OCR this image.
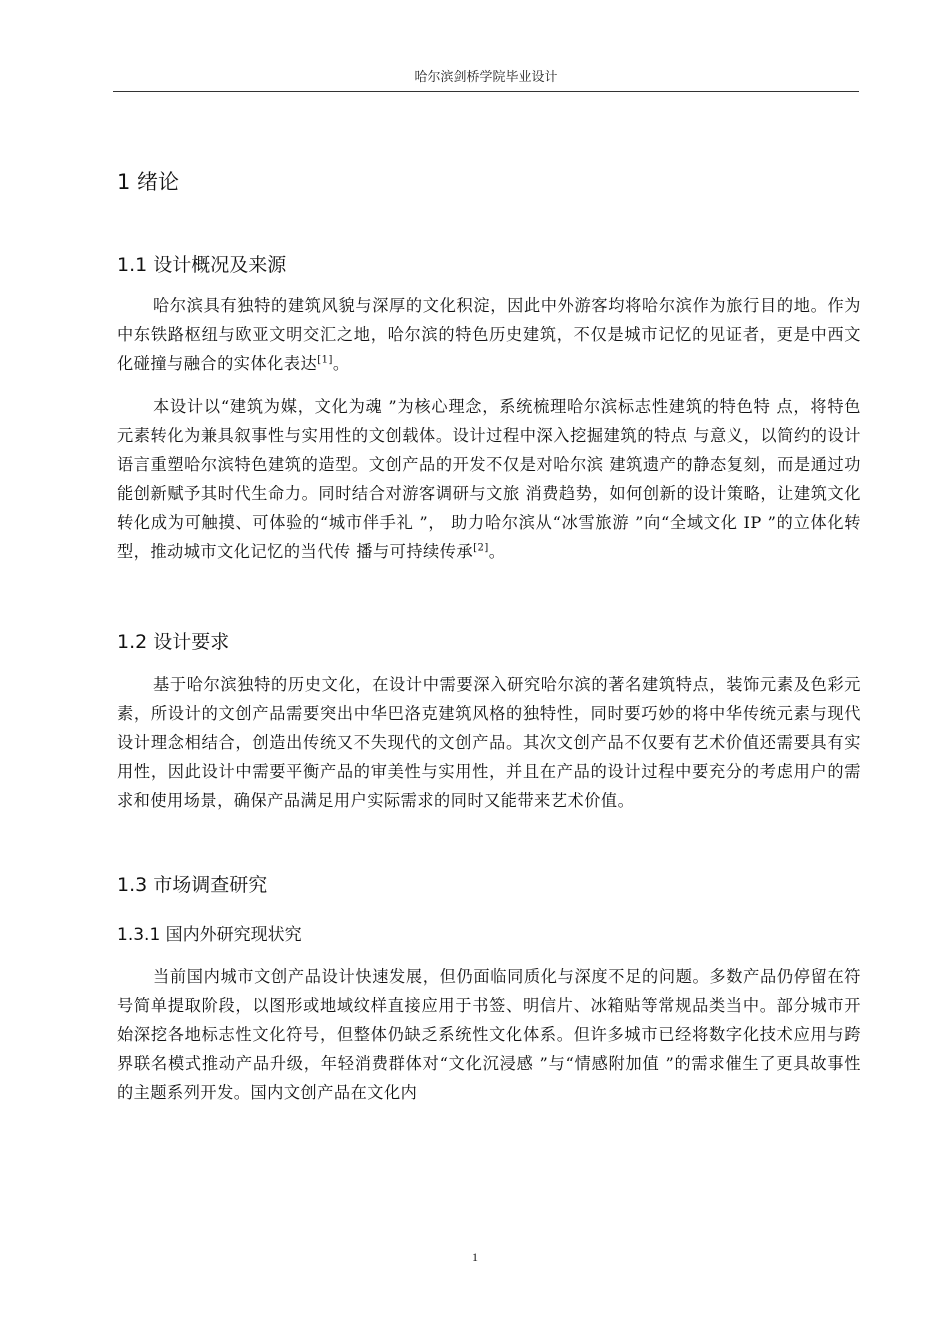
哈尔滨剑桥学院毕业设计
1 绪论
1.1 设计概况及来源

哈尔滨具有独特的建筑风貌与深厚的文化积淀，因此中外游客均将哈尔滨作为旅行目的地。作为中东铁路枢纽与欧亚文明交汇之地，哈尔滨的特色历史建筑，不仅是城市记忆的见证者，更是中西文化碰撞与融合的实体化表达[1]。

本设计以“建筑为媒，文化为魂 ”为核心理念，系统梳理哈尔滨标志性建筑的特色特 点，将特色元素转化为兼具叙事性与实用性的文创载体。设计过程中深入挖掘建筑的特点 与意义，以简约的设计语言重塑哈尔滨特色建筑的造型。文创产品的开发不仅是对哈尔滨 建筑遗产的静态复刻，而是通过功能创新赋予其时代生命力。同时结合对游客调研与文旅 消费趋势，如何创新的设计策略，让建筑文化转化成为可触摸、可体验的“城市伴手礼 ”， 助力哈尔滨从“冰雪旅游 ”向“全域文化 IP ”的立体化转型，推动城市文化记忆的当代传 播与可持续传承[2]。

1.2 设计要求

基于哈尔滨独特的历史文化，在设计中需要深入研究哈尔滨的著名建筑特点，装饰元素及色彩元素，所设计的文创产品需要突出中华巴洛克建筑风格的独特性，同时要巧妙的将中华传统元素与现代设计理念相结合，创造出传统又不失现代的文创产品。其次文创产品不仅要有艺术价值还需要具有实用性，因此设计中需要平衡产品的审美性与实用性，并且在产品的设计过程中要充分的考虑用户的需求和使用场景，确保产品满足用户实际需求的同时又能带来艺术价值。

1.3 市场调查研究
1.3.1 国内外研究现状究

当前国内城市文创产品设计快速发展，但仍面临同质化与深度不足的问题。多数产品仍停留在符号简单提取阶段，以图形或地域纹样直接应用于书签、明信片、冰箱贴等常规品类当中。部分城市开始深挖各地标志性文化符号，但整体仍缺乏系统性文化体系。但许多城市已经将数字化技术应用与跨界联名模式推动产品升级，年轻消费群体对“文化沉浸感 ”与“情感附加值 ”的需求催生了更具故事性的主题系列开发。国内文创产品在文化内

1
